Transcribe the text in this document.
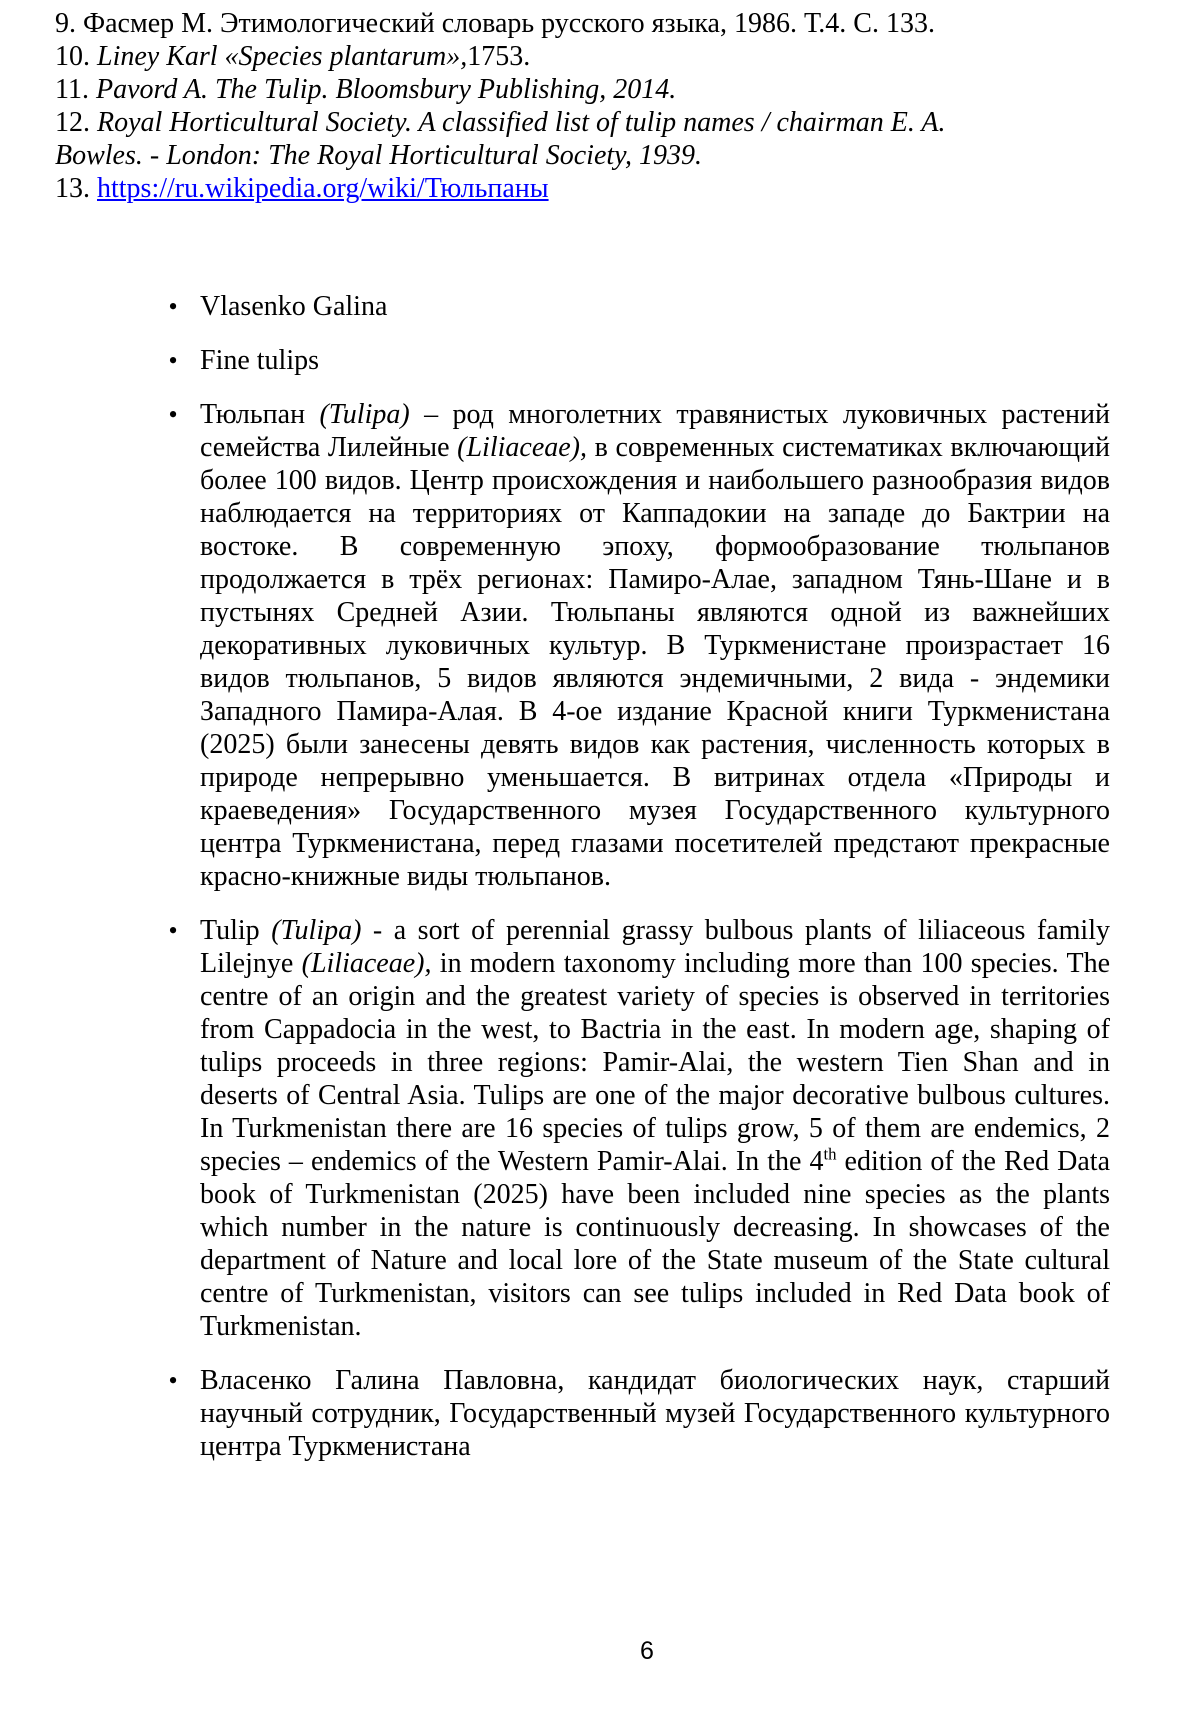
9. Фасмер М. Этимологический словарь русского языка, 1986. Т.4. С. 133.
10. Liney Karl «Species plantarum»,1753.
11. Pavord A. The Tulip. Bloomsbury Publishing, 2014.
12. Royal Horticultural Society. A classified list of tulip names / chairman E. A.
Bowles. - London: The Royal Horticultural Society, 1939.
13. https://ru.wikipedia.org/wiki/Тюльпаны
• Vlasenko Galina
• Fine tulips
• Тюльпан (Tulipa) – род многолетних травянистых луковичных растений семейства Лилейные (Liliaceae), в современных систематиках включающий более 100 видов. Центр происхождения и наибольшего разнообразия видов наблюдается на территориях от Каппадокии на западе до Бактрии на востоке. В современную эпоху, формообразование тюльпанов продолжается в трёх регионах: Памиро-Алае, западном Тянь-Шане и в пустынях Средней Азии. Тюльпаны являются одной из важнейших декоративных луковичных культур. В Туркменистане произрастает 16 видов тюльпанов, 5 видов являются эндемичными, 2 вида - эндемики Западного Памира-Алая. В 4-ое издание Красной книги Туркменистана (2025) были занесены девять видов как растения, численность которых в природе непрерывно уменьшается. В витринах отдела «Природы и краеведения» Государственного музея Государственного культурного центра Туркменистана, перед глазами посетителей предстают прекрасные красно-книжные виды тюльпанов.
• Tulip (Tulipa) - a sort of perennial grassy bulbous plants of liliaceous family Lilejnye (Liliaceae), in modern taxonomy including more than 100 species. The centre of an origin and the greatest variety of species is observed in territories from Cappadocia in the west, to Bactria in the east. In modern age, shaping of tulips proceeds in three regions: Pamir-Alai, the western Tien Shan and in deserts of Central Asia. Tulips are one of the major decorative bulbous cultures. In Turkmenistan there are 16 species of tulips grow, 5 of them are endemics, 2 species – endemics of the Western Pamir-Alai. In the 4th edition of the Red Data book of Turkmenistan (2025) have been included nine species as the plants which number in the nature is continuously decreasing. In showcases of the department of Nature and local lore of the State museum of the State cultural centre of Turkmenistan, visitors can see tulips included in Red Data book of Turkmenistan.
• Власенко Галина Павловна, кандидат биологических наук, старший научный сотрудник, Государственный музей Государственного культурного центра Туркменистана
6
